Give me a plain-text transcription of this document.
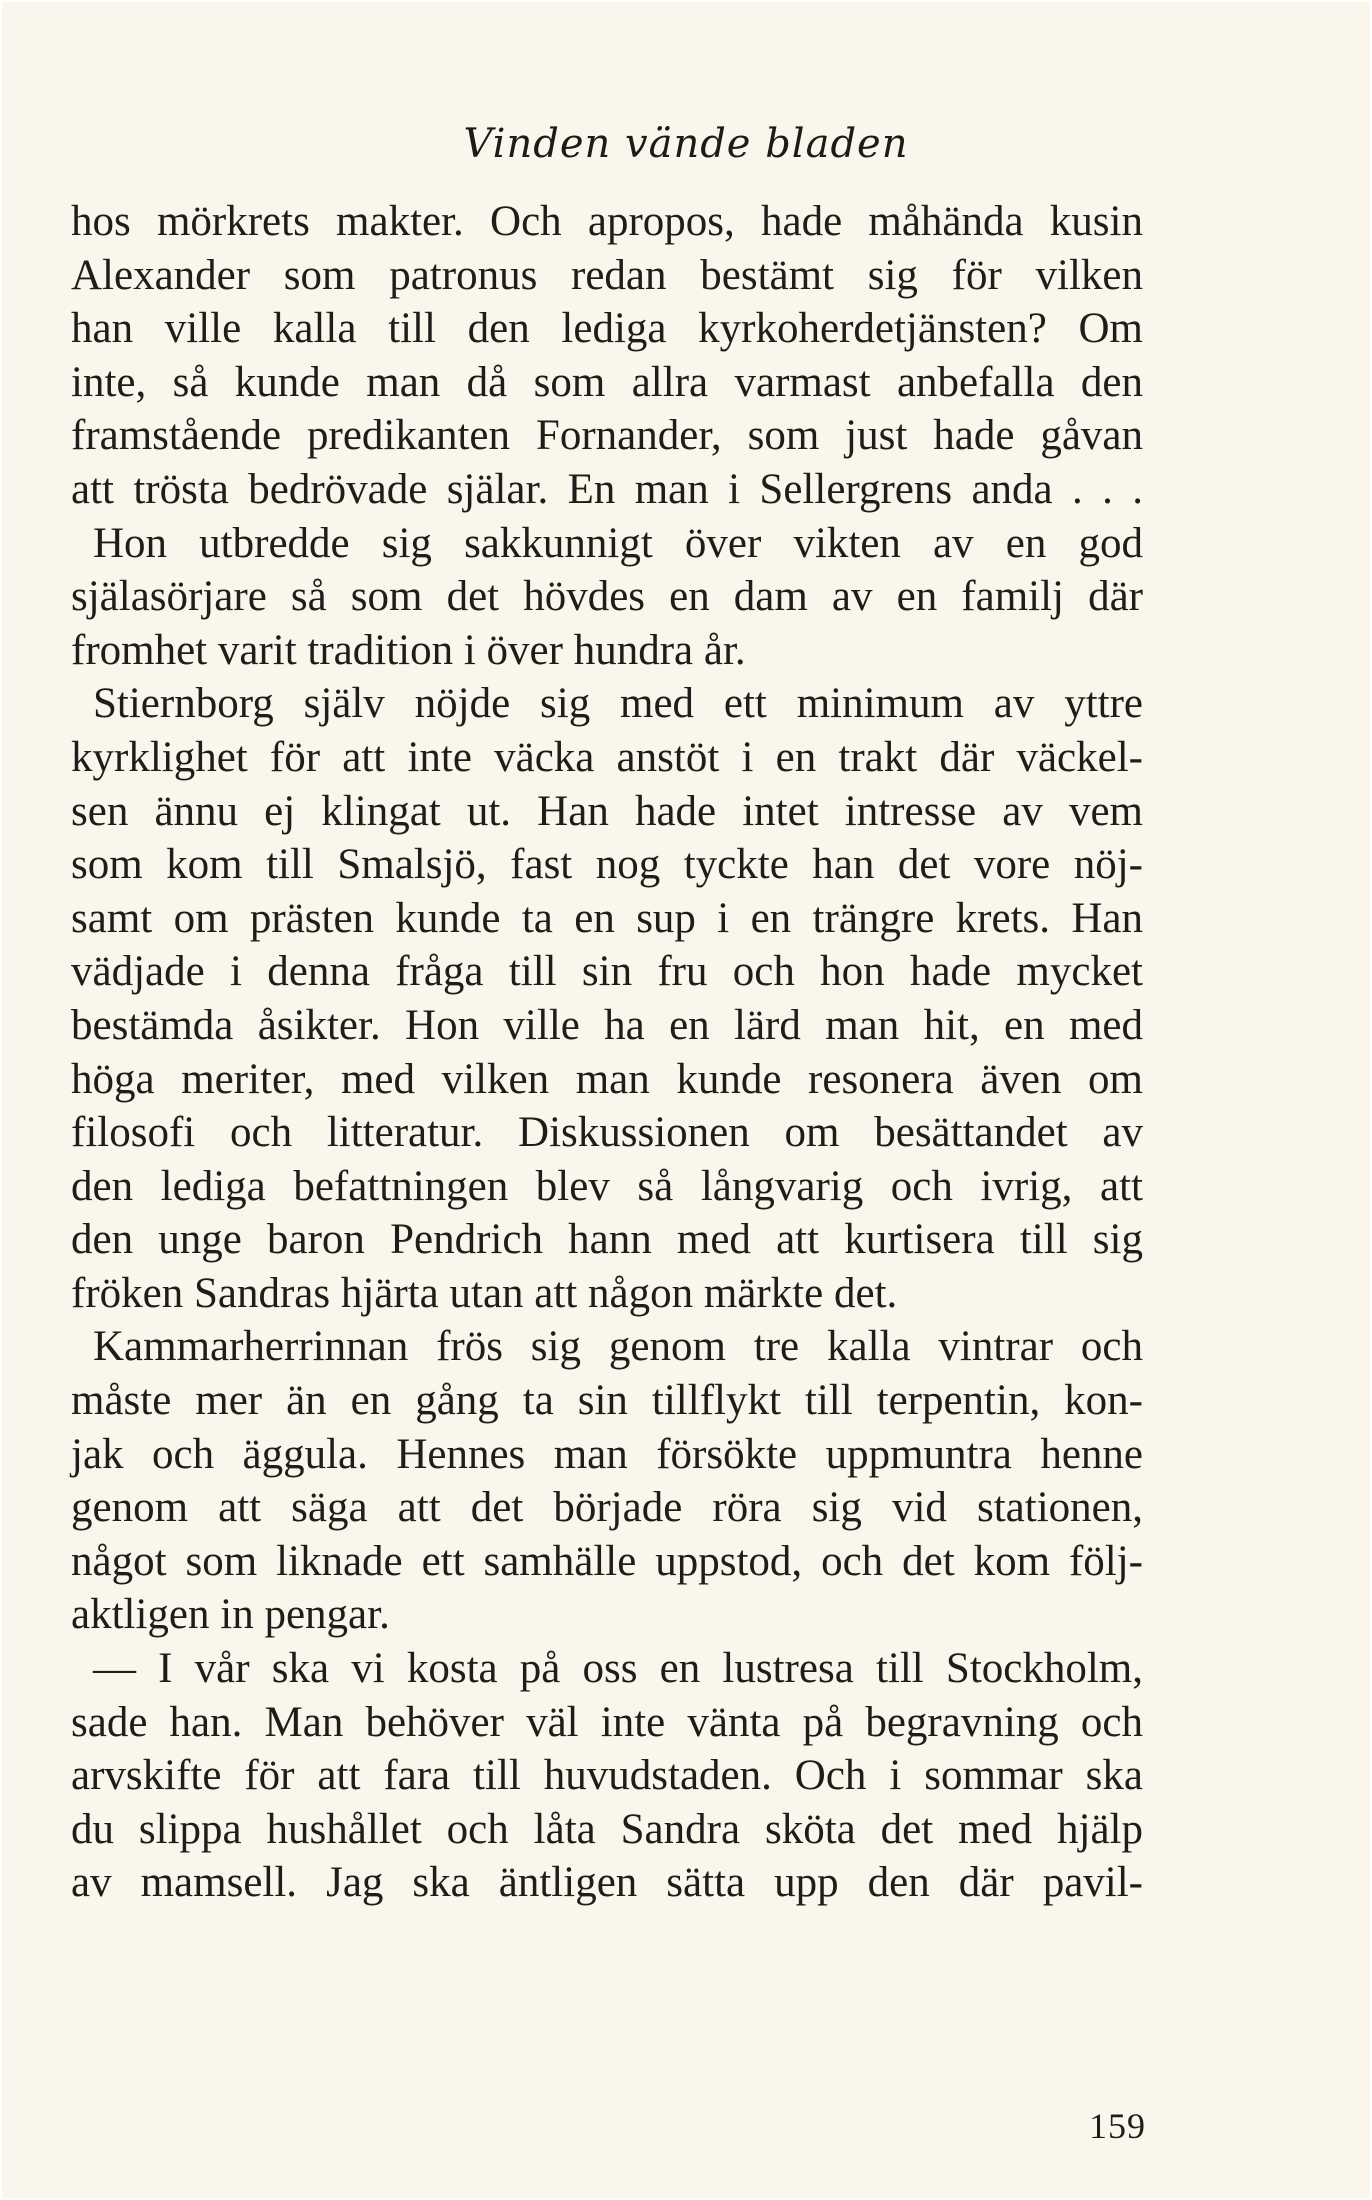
Vinden vände bladen
hos mörkrets makter. Och apropos, hade måhända kusin
Alexander som patronus redan bestämt sig för vilken
han ville kalla till den lediga kyrkoherdetjänsten? Om
inte, så kunde man då som allra varmast anbefalla den
framstående predikanten Fornander, som just hade gåvan
att trösta bedrövade själar. En man i Sellergrens anda . . .
Hon utbredde sig sakkunnigt över vikten av en god
själasörjare så som det hövdes en dam av en familj där
fromhet varit tradition i över hundra år.
Stiernborg själv nöjde sig med ett minimum av yttre
kyrklighet för att inte väcka anstöt i en trakt där väckel-
sen ännu ej klingat ut. Han hade intet intresse av vem
som kom till Smalsjö, fast nog tyckte han det vore nöj-
samt om prästen kunde ta en sup i en trängre krets. Han
vädjade i denna fråga till sin fru och hon hade mycket
bestämda åsikter. Hon ville ha en lärd man hit, en med
höga meriter, med vilken man kunde resonera även om
filosofi och litteratur. Diskussionen om besättandet av
den lediga befattningen blev så långvarig och ivrig, att
den unge baron Pendrich hann med att kurtisera till sig
fröken Sandras hjärta utan att någon märkte det.
Kammarherrinnan frös sig genom tre kalla vintrar och
måste mer än en gång ta sin tillflykt till terpentin, kon-
jak och äggula. Hennes man försökte uppmuntra henne
genom att säga att det började röra sig vid stationen,
något som liknade ett samhälle uppstod, och det kom följ-
aktligen in pengar.
— I vår ska vi kosta på oss en lustresa till Stockholm,
sade han. Man behöver väl inte vänta på begravning och
arvskifte för att fara till huvudstaden. Och i sommar ska
du slippa hushållet och låta Sandra sköta det med hjälp
av mamsell. Jag ska äntligen sätta upp den där pavil-
159
